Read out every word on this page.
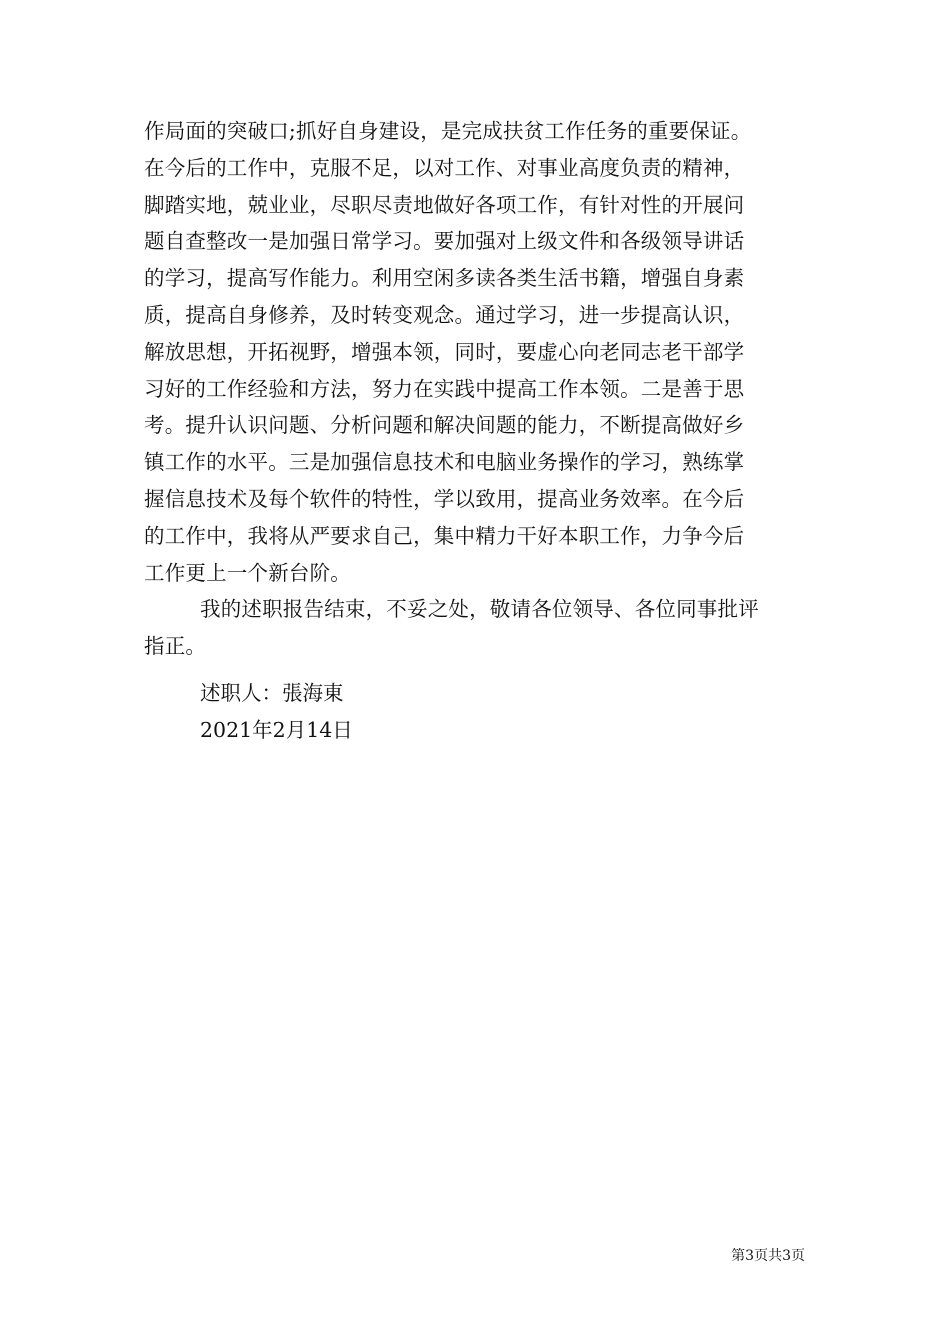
作局面的突破口;抓好自身建设，是完成扶贫工作任务的重要保证。
在今后的工作中，克服不足，以对工作、对事业高度负责的精神，
脚踏实地，兢业业，尽职尽责地做好各项工作，有针对性的开展问
题自查整改一是加强日常学习。要加强对上级文件和各级领导讲话
的学习，提高写作能力。利用空闲多读各类生活书籍，增强自身素
质，提高自身修养，及时转变观念。通过学习，进一步提高认识，
解放思想，开拓视野，增强本领，同时，要虚心向老同志老干部学
习好的工作经验和方法，努力在实践中提高工作本领。二是善于思
考。提升认识问题、分析问题和解决间题的能力，不断提高做好乡
镇工作的水平。三是加强信息技术和电脑业务操作的学习，熟练掌
握信息技术及每个软件的特性，学以致用，提高业务效率。在今后
的工作中，我将从严要求自己，集中精力干好本职工作，力争今后
工作更上一个新台阶。
我的述职报告结束，不妥之处，敬请各位领导、各位同事批评
指正。
述职人：張海東
2021年2月14日
第3页共3页
